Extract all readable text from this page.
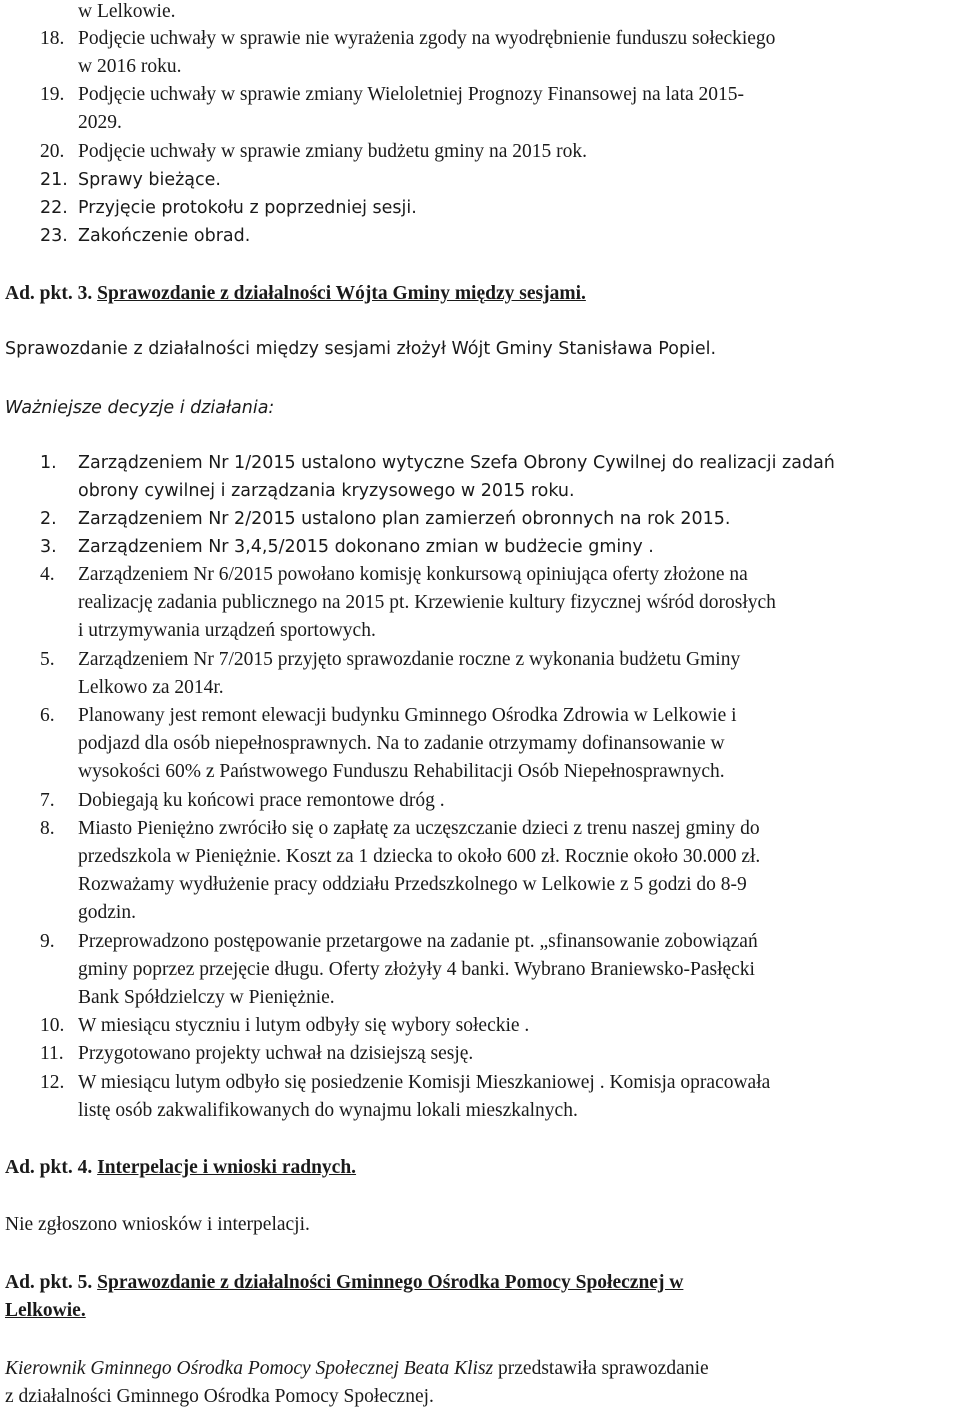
w Lelkowie.
18. Podjęcie uchwały w sprawie nie wyrażenia zgody na wyodrębnienie funduszu sołeckiego
w 2016 roku.
19. Podjęcie uchwały w sprawie zmiany Wieloletniej Prognozy Finansowej na lata 2015-
2029.
20. Podjęcie uchwały w sprawie zmiany budżetu gminy na 2015 rok.
21. Sprawy bieżące.
22. Przyjęcie protokołu z poprzedniej sesji.
23. Zakończenie obrad.
Ad. pkt. 3. Sprawozdanie z działalności Wójta Gminy między sesjami.
Sprawozdanie z działalności między sesjami złożył Wójt Gminy Stanisława Popiel.
Ważniejsze decyzje i działania:
1. Zarządzeniem Nr 1/2015 ustalono wytyczne Szefa Obrony Cywilnej do realizacji zadań
obrony cywilnej i zarządzania kryzysowego w 2015 roku.
2. Zarządzeniem Nr 2/2015 ustalono plan zamierzeń obronnych na rok 2015.
3. Zarządzeniem Nr 3,4,5/2015 dokonano zmian w budżecie gminy .
4. Zarządzeniem Nr 6/2015 powołano komisję konkursową opiniująca oferty złożone na
realizację zadania publicznego na 2015 pt. Krzewienie kultury fizycznej wśród dorosłych
i utrzymywania urządzeń sportowych.
5. Zarządzeniem Nr 7/2015 przyjęto sprawozdanie roczne z wykonania budżetu Gminy
Lelkowo za 2014r.
6. Planowany jest remont elewacji budynku Gminnego Ośrodka Zdrowia w Lelkowie i
podjazd dla osób niepełnosprawnych. Na to zadanie otrzymamy dofinansowanie w
wysokości 60% z Państwowego Funduszu Rehabilitacji Osób Niepełnosprawnych.
7. Dobiegają ku końcowi prace remontowe dróg .
8. Miasto Pieniężno zwróciło się o zapłatę za uczęszczanie dzieci z trenu naszej gminy do
przedszkola w Pieniężnie. Koszt za 1 dziecka to około 600 zł. Rocznie około 30.000 zł.
Rozważamy wydłużenie pracy oddziału Przedszkolnego w Lelkowie z 5 godzi do 8-9
godzin.
9. Przeprowadzono postępowanie przetargowe na zadanie pt. „sfinansowanie zobowiązań
gminy poprzez przejęcie długu. Oferty złożyły 4 banki. Wybrano Braniewsko-Pasłęcki
Bank Spółdzielczy w Pieniężnie.
10. W miesiącu styczniu i lutym odbyły się wybory sołeckie .
11. Przygotowano projekty uchwał na dzisiejszą sesję.
12. W miesiącu lutym odbyło się posiedzenie Komisji Mieszkaniowej . Komisja opracowała
listę osób zakwalifikowanych do wynajmu lokali mieszkalnych.
Ad. pkt. 4. Interpelacje i wnioski radnych.
Nie zgłoszono wniosków i interpelacji.
Ad. pkt. 5. Sprawozdanie z działalności Gminnego Ośrodka Pomocy Społecznej w
Lelkowie.
Kierownik Gminnego Ośrodka Pomocy Społecznej Beata Klisz przedstawiła sprawozdanie
z działalności Gminnego Ośrodka Pomocy Społecznej.
